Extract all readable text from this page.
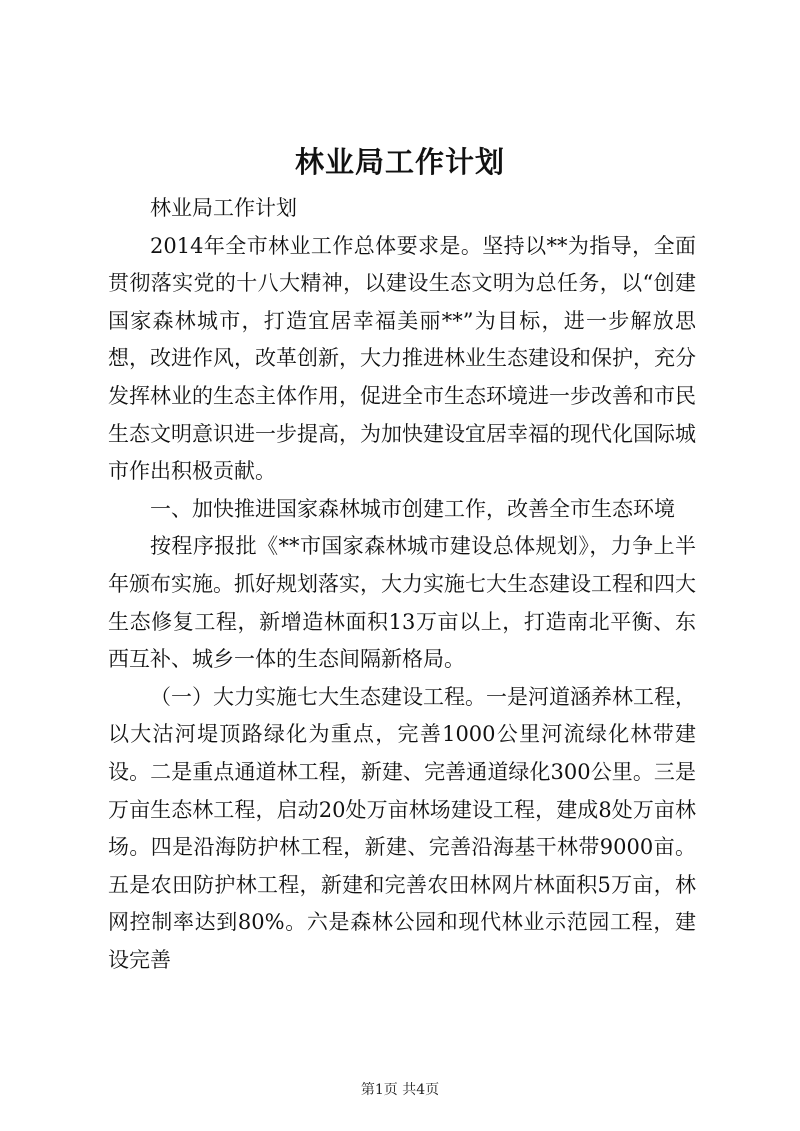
林业局工作计划

林业局工作计划

2014年全市林业工作总体要求是。坚持以**为指导，全面贯彻落实党的十八大精神，以建设生态文明为总任务，以“创建国家森林城市，打造宜居幸福美丽**”为目标，进一步解放思想，改进作风，改革创新，大力推进林业生态建设和保护，充分发挥林业的生态主体作用，促进全市生态环境进一步改善和市民生态文明意识进一步提高，为加快建设宜居幸福的现代化国际城市作出积极贡献。

一、加快推进国家森林城市创建工作，改善全市生态环境

按程序报批《**市国家森林城市建设总体规划》，力争上半年颁布实施。抓好规划落实，大力实施七大生态建设工程和四大生态修复工程，新增造林面积13万亩以上，打造南北平衡、东西互补、城乡一体的生态间隔新格局。

（一）大力实施七大生态建设工程。一是河道涵养林工程，以大沽河堤顶路绿化为重点，完善1000公里河流绿化林带建设。二是重点通道林工程，新建、完善通道绿化300公里。三是万亩生态林工程，启动20处万亩林场建设工程，建成8处万亩林场。四是沿海防护林工程，新建、完善沿海基干林带9000亩。五是农田防护林工程，新建和完善农田林网片林面积5万亩，林网控制率达到80%。六是森林公园和现代林业示范园工程，建设完善

第1页 共4页
